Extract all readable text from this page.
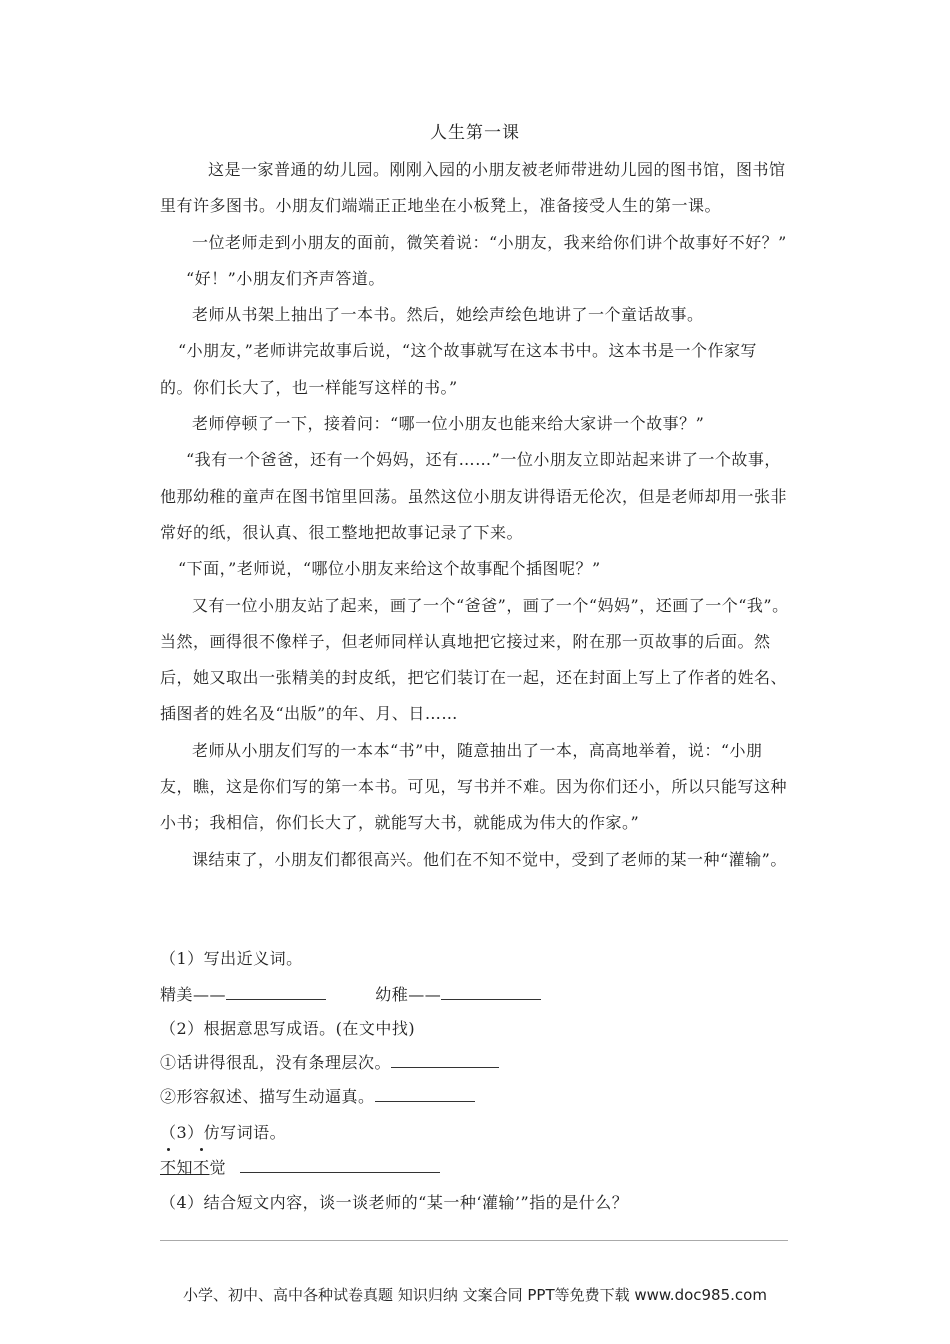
人生第一课

这是一家普通的幼儿园。刚刚入园的小朋友被老师带进幼儿园的图书馆，图书馆里有许多图书。小朋友们端端正正地坐在小板凳上，准备接受人生的第一课。

一位老师走到小朋友的面前，微笑着说：“小朋友，我来给你们讲个故事好不好？”

“好！”小朋友们齐声答道。

老师从书架上抽出了一本书。然后，她绘声绘色地讲了一个童话故事。

“小朋友，”老师讲完故事后说，“这个故事就写在这本书中。这本书是一个作家写的。你们长大了，也一样能写这样的书。”

老师停顿了一下，接着问：“哪一位小朋友也能来给大家讲一个故事？”

“我有一个爸爸，还有一个妈妈，还有……”一位小朋友立即站起来讲了一个故事，他那幼稚的童声在图书馆里回荡。虽然这位小朋友讲得语无伦次，但是老师却用一张非常好的纸，很认真、很工整地把故事记录了下来。

“下面，”老师说，“哪位小朋友来给这个故事配个插图呢？”

又有一位小朋友站了起来，画了一个“爸爸”，画了一个“妈妈”，还画了一个“我”。当然，画得很不像样子，但老师同样认真地把它接过来，附在那一页故事的后面。然后，她又取出一张精美的封皮纸，把它们装订在一起，还在封面上写上了作者的姓名、插图者的姓名及“出版”的年、月、日……

老师从小朋友们写的一本本“书”中，随意抽出了一本，高高地举着，说：“小朋友，瞧，这是你们写的第一本书。可见，写书并不难。因为你们还小，所以只能写这种小书；我相信，你们长大了，就能写大书，就能成为伟大的作家。”

课结束了，小朋友们都很高兴。他们在不知不觉中，受到了老师的某一种“灌输”。

（1）写出近义词。
精美——	幼稚——
（2）根据意思写成语。(在文中找)
①话讲得很乱，没有条理层次。
②形容叙述、描写生动逼真。
（3）仿写词语。
不知不觉
（4）结合短文内容，谈一谈老师的“某一种‘灌输’”指的是什么？
小学、初中、高中各种试卷真题 知识归纳 文案合同 PPT等免费下载 www.doc985.com
